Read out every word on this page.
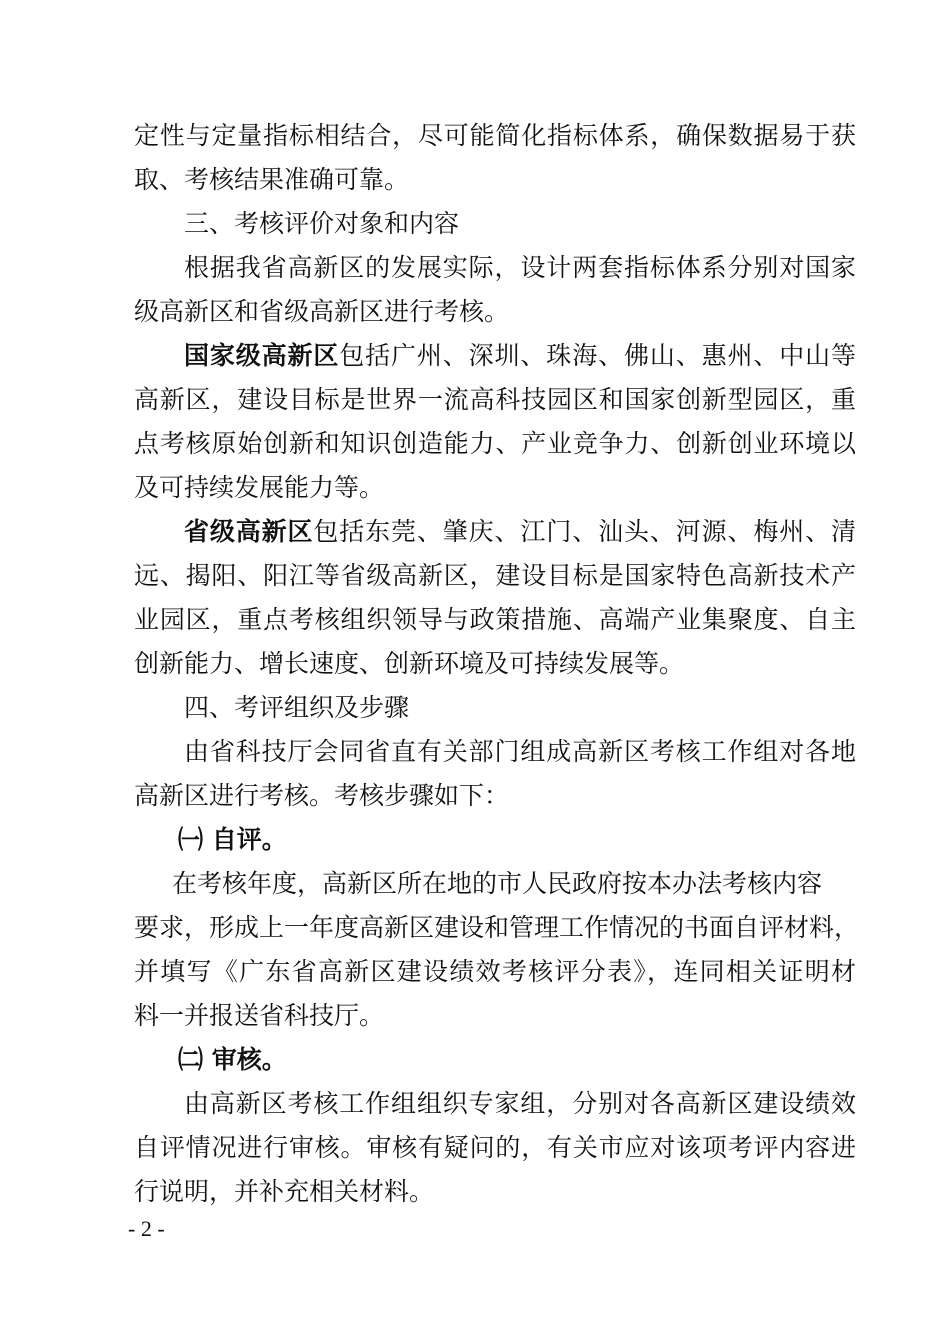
定性与定量指标相结合，尽可能简化指标体系，确保数据易于获
取、考核结果准确可靠。
三、考核评价对象和内容
根据我省高新区的发展实际，设计两套指标体系分别对国家
级高新区和省级高新区进行考核。
国家级高新区包括广州、深圳、珠海、佛山、惠州、中山等
高新区，建设目标是世界一流高科技园区和国家创新型园区，重
点考核原始创新和知识创造能力、产业竞争力、创新创业环境以
及可持续发展能力等。
省级高新区包括东莞、肇庆、江门、汕头、河源、梅州、清
远、揭阳、阳江等省级高新区，建设目标是国家特色高新技术产
业园区，重点考核组织领导与政策措施、高端产业集聚度、自主
创新能力、增长速度、创新环境及可持续发展等。
四、考评组织及步骤
由省科技厅会同省直有关部门组成高新区考核工作组对各地
高新区进行考核。考核步骤如下：
㈠ 自评。
在考核年度，高新区所在地的市人民政府按本办法考核内容
要求，形成上一年度高新区建设和管理工作情况的书面自评材料，
并填写《广东省高新区建设绩效考核评分表》，连同相关证明材
料一并报送省科技厅。
㈡ 审核。
由高新区考核工作组组织专家组，分别对各高新区建设绩效
自评情况进行审核。审核有疑问的，有关市应对该项考评内容进
行说明，并补充相关材料。
- 2 -
